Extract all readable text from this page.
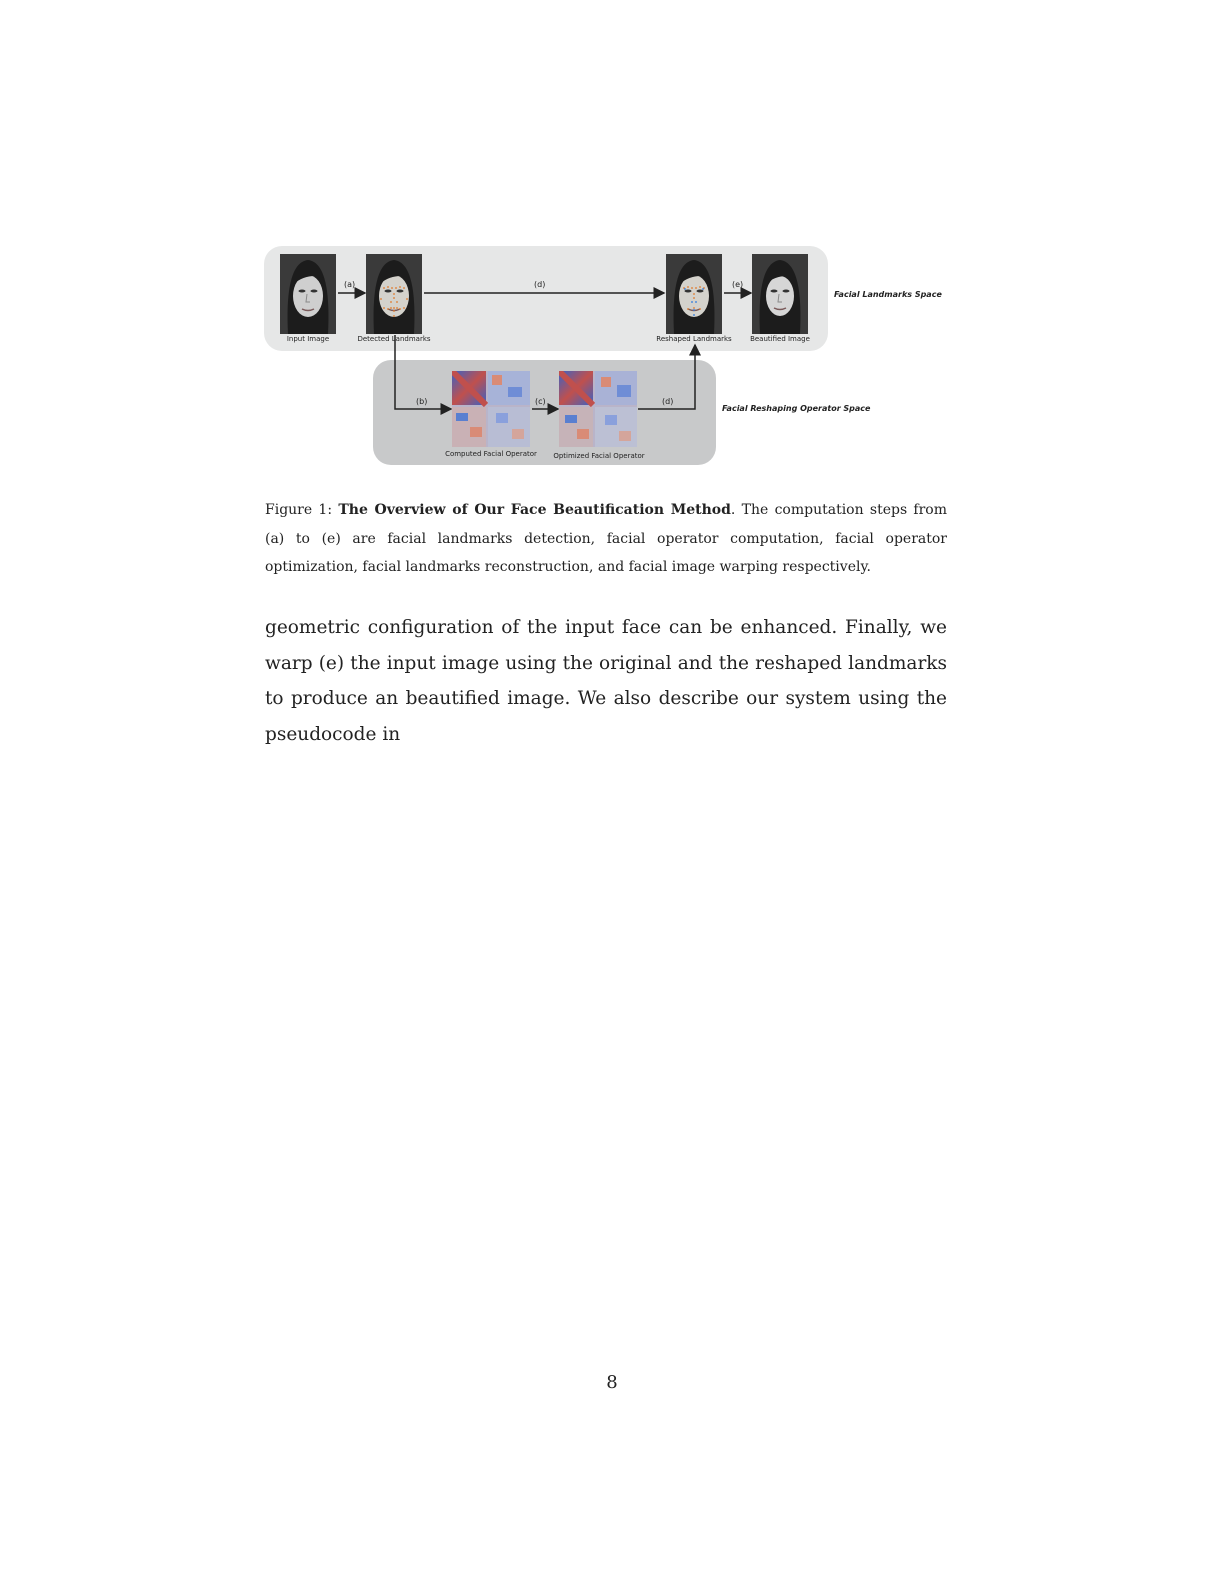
Input Image	Detected Landmarks	Reshaped Landmarks	Beautified Image
(a)	(d)	(e)
(b)	(c)	(d)
Facial Landmarks Space
Facial Reshaping Operator Space
Computed Facial Operator	Optimized Facial Operator
Figure 1: The Overview of Our Face Beautification Method. The computation steps from (a) to (e) are facial landmarks detection, facial operator computation, facial operator optimization, facial landmarks reconstruction, and facial image warping respectively.
geometric configuration of the input face can be enhanced. Finally, we warp (e) the input image using the original and the reshaped landmarks to produce an beautified image. We also describe our system using the pseudocode in
8
